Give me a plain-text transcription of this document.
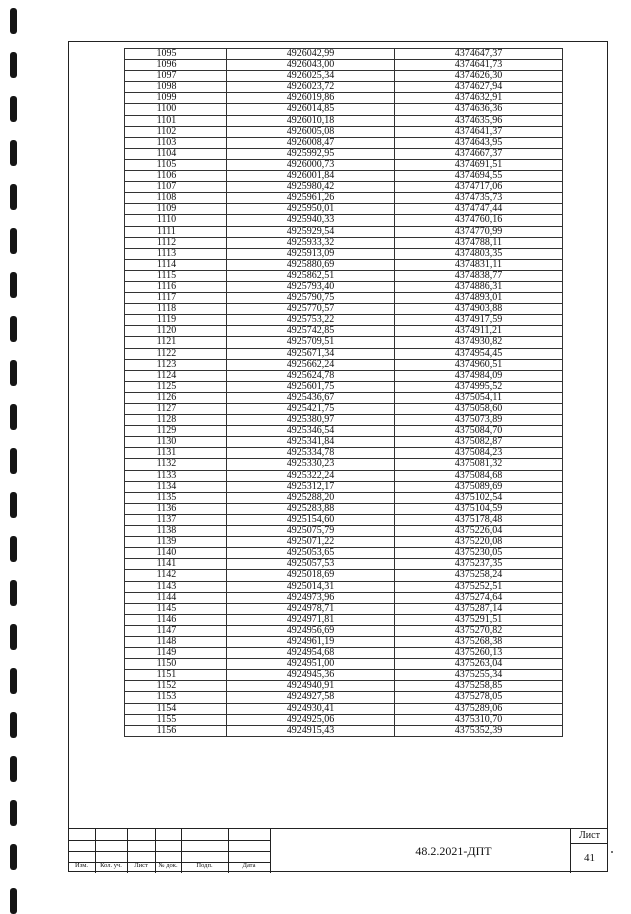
1095	4926042,99	4374647,37
1096	4926043,00	4374641,73
1097	4926025,34	4374626,30
1098	4926023,72	4374627,94
1099	4926019,86	4374632,91
1100	4926014,85	4374636,36
1101	4926010,18	4374635,96
1102	4926005,08	4374641,37
1103	4926008,47	4374643,95
1104	4925992,95	4374667,37
1105	4926000,73	4374691,51
1106	4926001,84	4374694,55
1107	4925980,42	4374717,06
1108	4925961,26	4374735,73
1109	4925950,01	4374747,44
1110	4925940,33	4374760,16
1111	4925929,54	4374770,99
1112	4925933,32	4374788,11
1113	4925913,09	4374803,35
1114	4925880,69	4374831,11
1115	4925862,51	4374838,77
1116	4925793,40	4374886,31
1117	4925790,75	4374893,01
1118	4925770,57	4374903,88
1119	4925753,22	4374917,59
1120	4925742,85	4374911,21
1121	4925709,51	4374930,82
1122	4925671,34	4374954,45
1123	4925662,24	4374960,51
1124	4925624,78	4374984,09
1125	4925601,75	4374995,52
1126	4925436,67	4375054,11
1127	4925421,75	4375058,60
1128	4925380,97	4375073,89
1129	4925346,54	4375084,70
1130	4925341,84	4375082,87
1131	4925334,78	4375084,23
1132	4925330,23	4375081,32
1133	4925322,24	4375084,68
1134	4925312,17	4375089,69
1135	4925288,20	4375102,54
1136	4925283,88	4375104,59
1137	4925154,60	4375178,48
1138	4925075,79	4375226,04
1139	4925071,22	4375220,08
1140	4925053,65	4375230,05
1141	4925057,53	4375237,35
1142	4925018,69	4375258,24
1143	4925014,31	4375252,51
1144	4924973,96	4375274,64
1145	4924978,71	4375287,14
1146	4924971,81	4375291,51
1147	4924956,69	4375270,82
1148	4924961,19	4375268,38
1149	4924954,68	4375260,13
1150	4924951,00	4375263,04
1151	4924945,36	4375255,34
1152	4924940,91	4375258,85
1153	4924927,58	4375278,05
1154	4924930,41	4375289,06
1155	4924925,06	4375310,70
1156	4924915,43	4375352,39
Изм.	Кол. уч.	Лист	№ док.	Подп.	Дата
48.2.2021-ДПТ
Лист
41
